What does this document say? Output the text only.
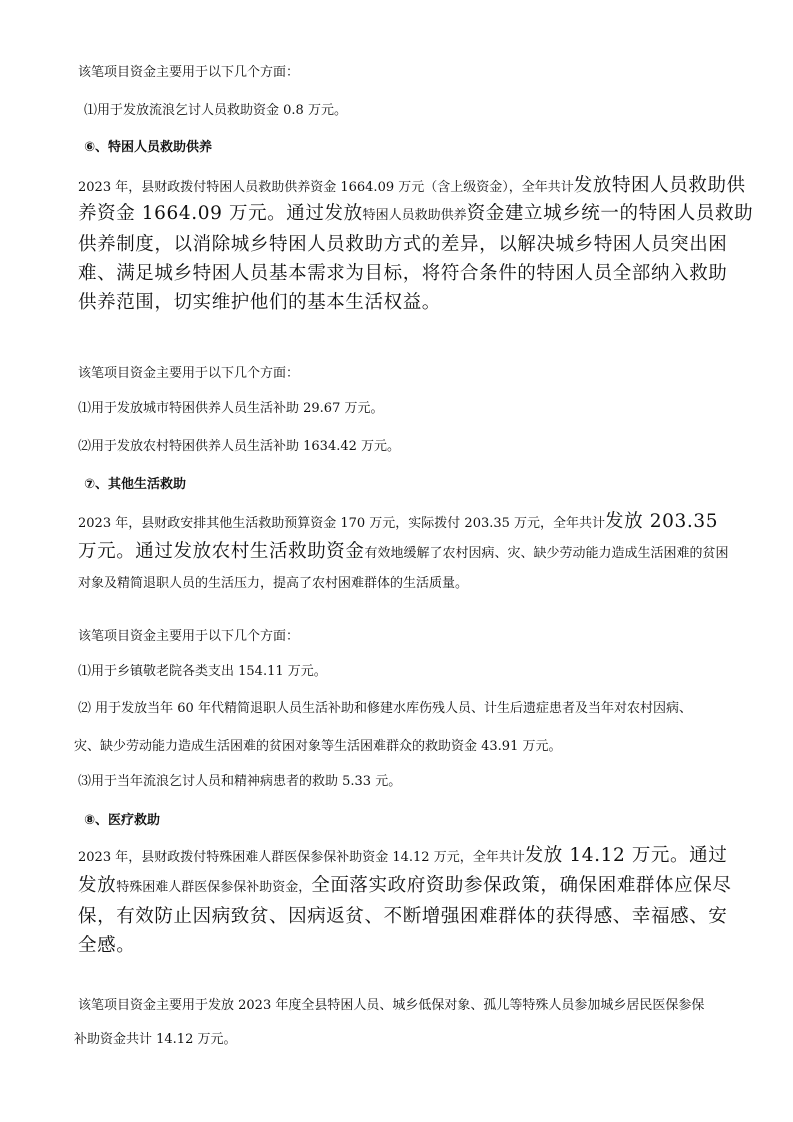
该笔项目资金主要用于以下几个方面：

⑴用于发放流浪乞讨人员救助资金 0.8 万元。

⑥、特困人员救助供养

2023 年，县财政拨付特困人员救助供养资金 1664.09 万元（含上级资金），全年共计发放特困人员救助供
养资金 1664.09 万元。通过发放特困人员救助供养资金建立城乡统一的特困人员救助
供养制度，以消除城乡特困人员救助方式的差异，以解决城乡特困人员突出困
难、满足城乡特困人员基本需求为目标，将符合条件的特困人员全部纳入救助
供养范围，切实维护他们的基本生活权益。

该笔项目资金主要用于以下几个方面：

⑴用于发放城市特困供养人员生活补助 29.67 万元。

⑵用于发放农村特困供养人员生活补助 1634.42 万元。

⑦、其他生活救助

2023 年，县财政安排其他生活救助预算资金 170 万元，实际拨付 203.35 万元，全年共计发放 203.35
万元。通过发放农村生活救助资金有效地缓解了农村因病、灾、缺少劳动能力造成生活困难的贫困
对象及精简退职人员的生活压力，提高了农村困难群体的生活质量。

该笔项目资金主要用于以下几个方面：

⑴用于乡镇敬老院各类支出 154.11 万元。

⑵ 用于发放当年 60 年代精简退职人员生活补助和修建水库伤残人员、计生后遗症患者及当年对农村因病、
灾、缺少劳动能力造成生活困难的贫困对象等生活困难群众的救助资金 43.91 万元。

⑶用于当年流浪乞讨人员和精神病患者的救助 5.33 元。

⑧、医疗救助

2023 年，县财政拨付特殊困难人群医保参保补助资金 14.12 万元，全年共计发放 14.12 万元。通过
发放特殊困难人群医保参保补助资金，全面落实政府资助参保政策，确保困难群体应保尽
保，有效防止因病致贫、因病返贫、不断增强困难群体的获得感、幸福感、安
全感。
该笔项目资金主要用于发放 2023 年度全县特困人员、城乡低保对象、孤儿等特殊人员参加城乡居民医保参保
补助资金共计 14.12 万元。
